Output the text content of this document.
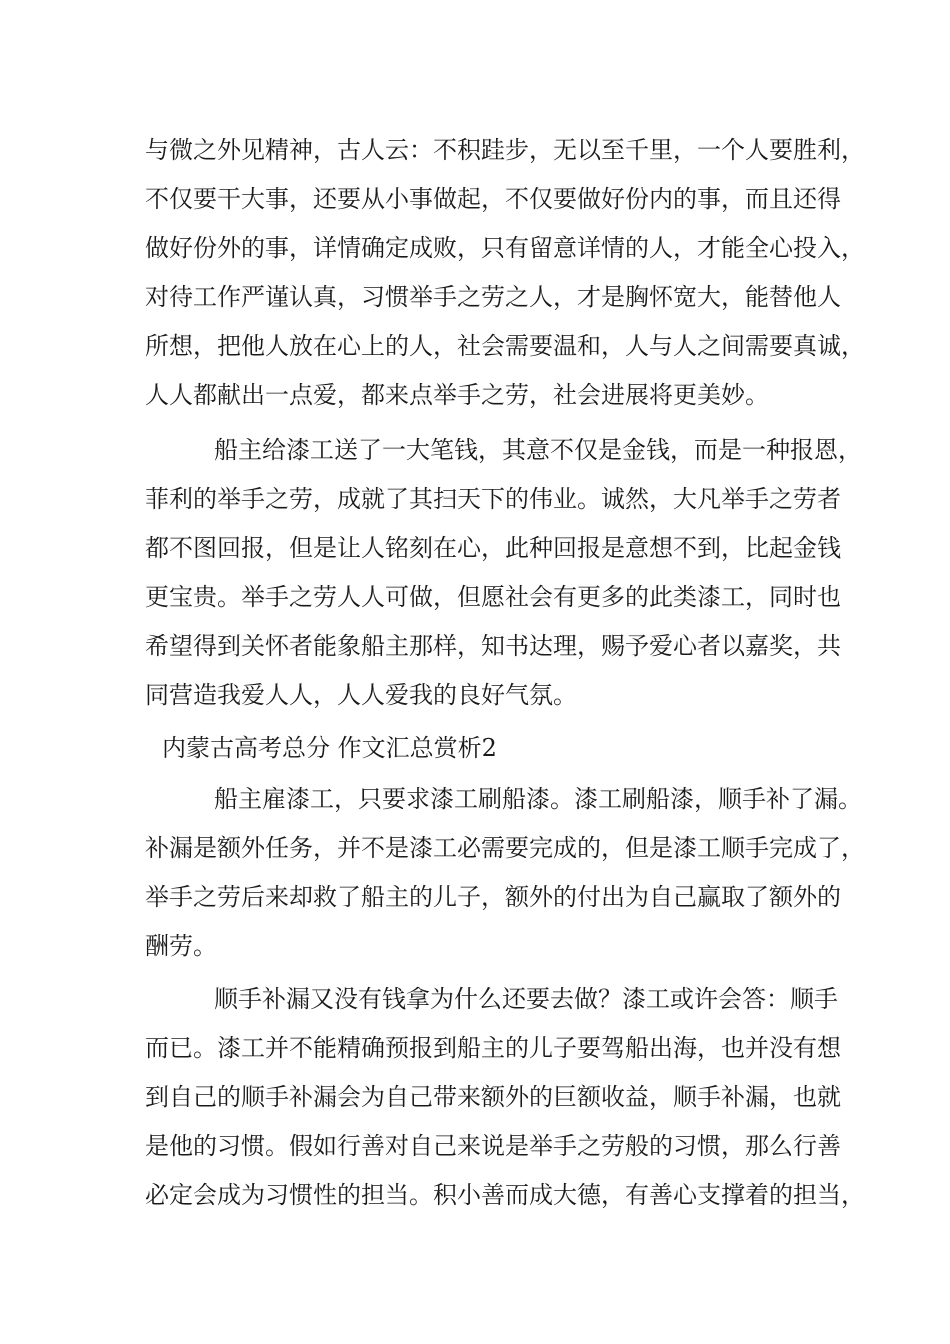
与微之外见精神，古人云：不积跬步，无以至千里，一个人要胜利，
不仅要干大事，还要从小事做起，不仅要做好份内的事，而且还得
做好份外的事，详情确定成败，只有留意详情的人，才能全心投入，
对待工作严谨认真，习惯举手之劳之人，才是胸怀宽大，能替他人
所想，把他人放在心上的人，社会需要温和，人与人之间需要真诚，
人人都献出一点爱，都来点举手之劳，社会进展将更美妙。
船主给漆工送了一大笔钱，其意不仅是金钱，而是一种报恩，
菲利的举手之劳，成就了其扫天下的伟业。诚然，大凡举手之劳者
都不图回报，但是让人铭刻在心，此种回报是意想不到，比起金钱
更宝贵。举手之劳人人可做，但愿社会有更多的此类漆工，同时也
希望得到关怀者能象船主那样，知书达理，赐予爱心者以嘉奖，共
同营造我爱人人，人人爱我的良好气氛。
内蒙古高考总分 作文汇总赏析2
船主雇漆工，只要求漆工刷船漆。漆工刷船漆，顺手补了漏。
补漏是额外任务，并不是漆工必需要完成的，但是漆工顺手完成了，
举手之劳后来却救了船主的儿子，额外的付出为自己赢取了额外的
酬劳。
顺手补漏又没有钱拿为什么还要去做？漆工或许会答：顺手
而已。漆工并不能精确预报到船主的儿子要驾船出海，也并没有想
到自己的顺手补漏会为自己带来额外的巨额收益，顺手补漏，也就
是他的习惯。假如行善对自己来说是举手之劳般的习惯，那么行善
必定会成为习惯性的担当。积小善而成大德，有善心支撑着的担当，
